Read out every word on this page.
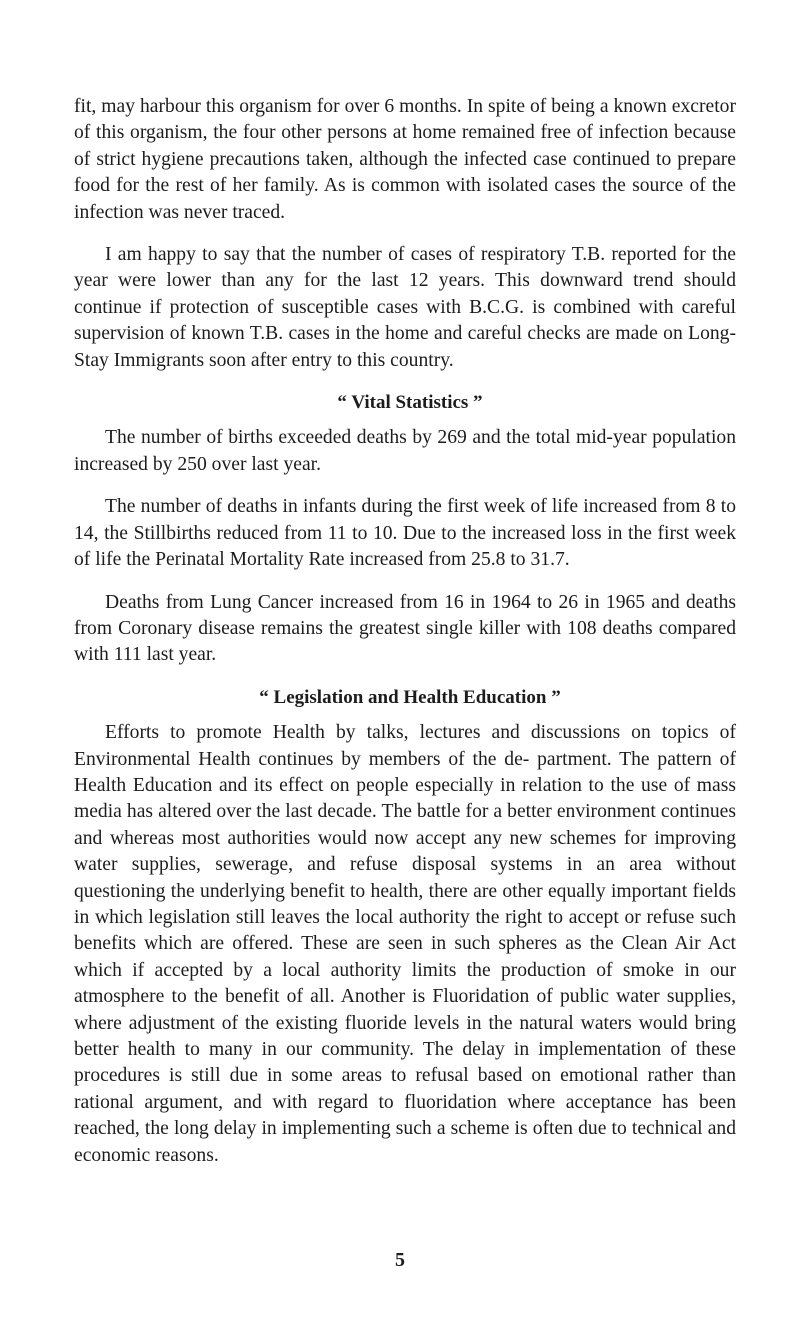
fit, may harbour this organism for over 6 months. In spite of being a known excretor of this organism, the four other persons at home remained free of infection because of strict hygiene precautions taken, although the infected case continued to prepare food for the rest of her family. As is common with isolated cases the source of the infection was never traced.

I am happy to say that the number of cases of respiratory T.B. reported for the year were lower than any for the last 12 years. This downward trend should continue if protection of susceptible cases with B.C.G. is combined with careful supervision of known T.B. cases in the home and careful checks are made on Long-Stay Immigrants soon after entry to this country.

“ Vital Statistics ”

The number of births exceeded deaths by 269 and the total mid-year population increased by 250 over last year.

The number of deaths in infants during the first week of life increased from 8 to 14, the Stillbirths reduced from 11 to 10. Due to the increased loss in the first week of life the Perinatal Mortality Rate increased from 25.8 to 31.7.

Deaths from Lung Cancer increased from 16 in 1964 to 26 in 1965 and deaths from Coronary disease remains the greatest single killer with 108 deaths compared with 111 last year.

“ Legislation and Health Education ”

Efforts to promote Health by talks, lectures and discussions on topics of Environmental Health continues by members of the de- partment. The pattern of Health Education and its effect on people especially in relation to the use of mass media has altered over the last decade. The battle for a better environment continues and whereas most authorities would now accept any new schemes for improving water supplies, sewerage, and refuse disposal systems in an area without questioning the underlying benefit to health, there are other equally important fields in which legislation still leaves the local authority the right to accept or refuse such benefits which are offered. These are seen in such spheres as the Clean Air Act which if accepted by a local authority limits the production of smoke in our atmosphere to the benefit of all. Another is Fluoridation of public water supplies, where adjustment of the existing fluoride levels in the natural waters would bring better health to many in our community. The delay in implementation of these procedures is still due in some areas to refusal based on emotional rather than rational argument, and with regard to fluoridation where acceptance has been reached, the long delay in implementing such a scheme is often due to technical and economic reasons.

5
